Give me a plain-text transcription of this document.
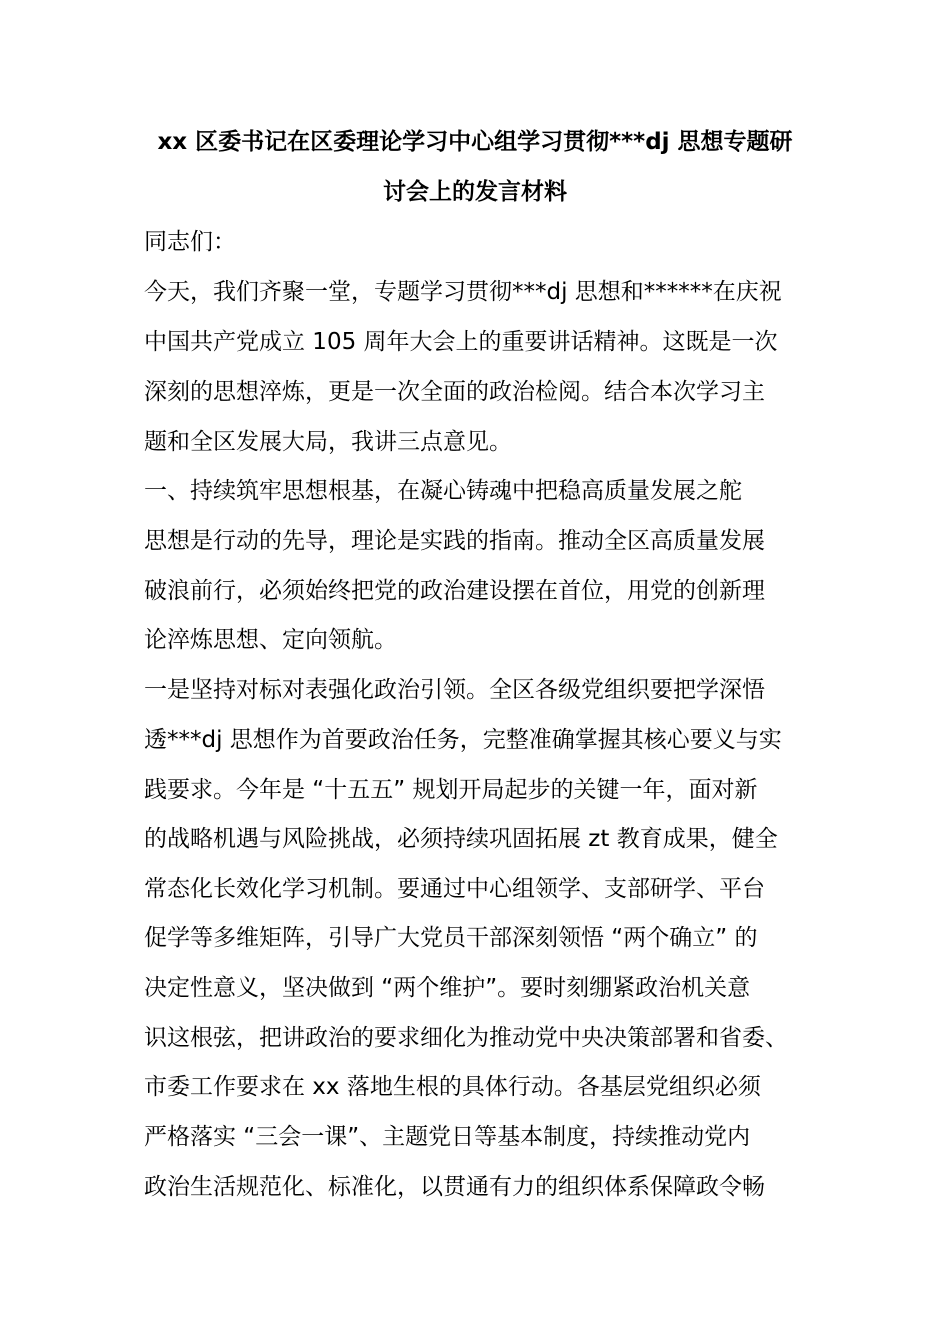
xx 区委书记在区委理论学习中心组学习贯彻***dj 思想专题研
讨会上的发言材料
同志们：
今天，我们齐聚一堂，专题学习贯彻***dj 思想和******在庆祝
中国共产党成立 105 周年大会上的重要讲话精神。这既是一次
深刻的思想淬炼，更是一次全面的政治检阅。结合本次学习主
题和全区发展大局，我讲三点意见。
一、持续筑牢思想根基，在凝心铸魂中把稳高质量发展之舵
思想是行动的先导，理论是实践的指南。推动全区高质量发展
破浪前行，必须始终把党的政治建设摆在首位，用党的创新理
论淬炼思想、定向领航。
一是坚持对标对表强化政治引领。全区各级党组织要把学深悟
透***dj 思想作为首要政治任务，完整准确掌握其核心要义与实
践要求。今年是 “十五五” 规划开局起步的关键一年，面对新
的战略机遇与风险挑战，必须持续巩固拓展 zt 教育成果，健全
常态化长效化学习机制。要通过中心组领学、支部研学、平台
促学等多维矩阵，引导广大党员干部深刻领悟 “两个确立” 的
决定性意义，坚决做到 “两个维护”。要时刻绷紧政治机关意
识这根弦，把讲政治的要求细化为推动党中央决策部署和省委、
市委工作要求在 xx 落地生根的具体行动。各基层党组织必须
严格落实 “三会一课”、主题党日等基本制度，持续推动党内
政治生活规范化、标准化，以贯通有力的组织体系保障政令畅
